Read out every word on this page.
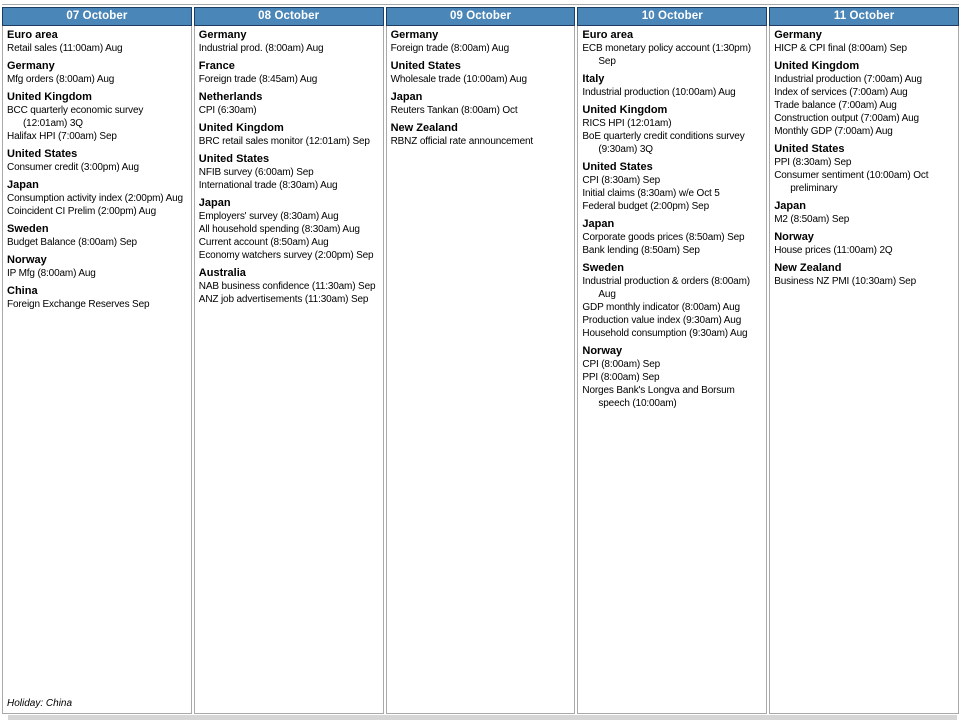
07 October
Euro area
Retail sales (11:00am) Aug
Germany
Mfg orders (8:00am) Aug
United Kingdom
BCC quarterly economic survey (12:01am) 3Q
Halifax HPI (7:00am) Sep
United States
Consumer credit (3:00pm) Aug
Japan
Consumption activity index (2:00pm) Aug
Coincident CI Prelim (2:00pm) Aug
Sweden
Budget Balance (8:00am) Sep
Norway
IP Mfg (8:00am) Aug
China
Foreign Exchange Reserves Sep
Holiday: China
08 October
Germany
Industrial prod. (8:00am) Aug
France
Foreign trade (8:45am) Aug
Netherlands
CPI (6:30am)
United Kingdom
BRC retail sales monitor (12:01am) Sep
United States
NFIB survey (6:00am) Sep
International trade (8:30am) Aug
Japan
Employers' survey (8:30am) Aug
All household spending (8:30am) Aug
Current account (8:50am) Aug
Economy watchers survey (2:00pm) Sep
Australia
NAB business confidence (11:30am) Sep
ANZ job advertisements (11:30am) Sep
09 October
Germany
Foreign trade (8:00am) Aug
United States
Wholesale trade (10:00am) Aug
Japan
Reuters Tankan (8:00am) Oct
New Zealand
RBNZ official rate announcement
10 October
Euro area
ECB monetary policy account (1:30pm) Sep
Italy
Industrial production (10:00am) Aug
United Kingdom
RICS HPI (12:01am)
BoE quarterly credit conditions survey (9:30am) 3Q
United States
CPI (8:30am) Sep
Initial claims (8:30am) w/e Oct 5
Federal budget (2:00pm) Sep
Japan
Corporate goods prices (8:50am) Sep
Bank lending (8:50am) Sep
Sweden
Industrial production & orders (8:00am) Aug
GDP monthly indicator (8:00am) Aug
Production value index (9:30am) Aug
Household consumption (9:30am) Aug
Norway
CPI (8:00am) Sep
PPI (8:00am) Sep
Norges Bank's Longva and Borsum speech (10:00am)
11 October
Germany
HICP & CPI final (8:00am) Sep
United Kingdom
Industrial production (7:00am) Aug
Index of services (7:00am) Aug
Trade balance (7:00am) Aug
Construction output (7:00am) Aug
Monthly GDP (7:00am) Aug
United States
PPI (8:30am) Sep
Consumer sentiment (10:00am) Oct preliminary
Japan
M2 (8:50am) Sep
Norway
House prices (11:00am) 2Q
New Zealand
Business NZ PMI (10:30am) Sep
